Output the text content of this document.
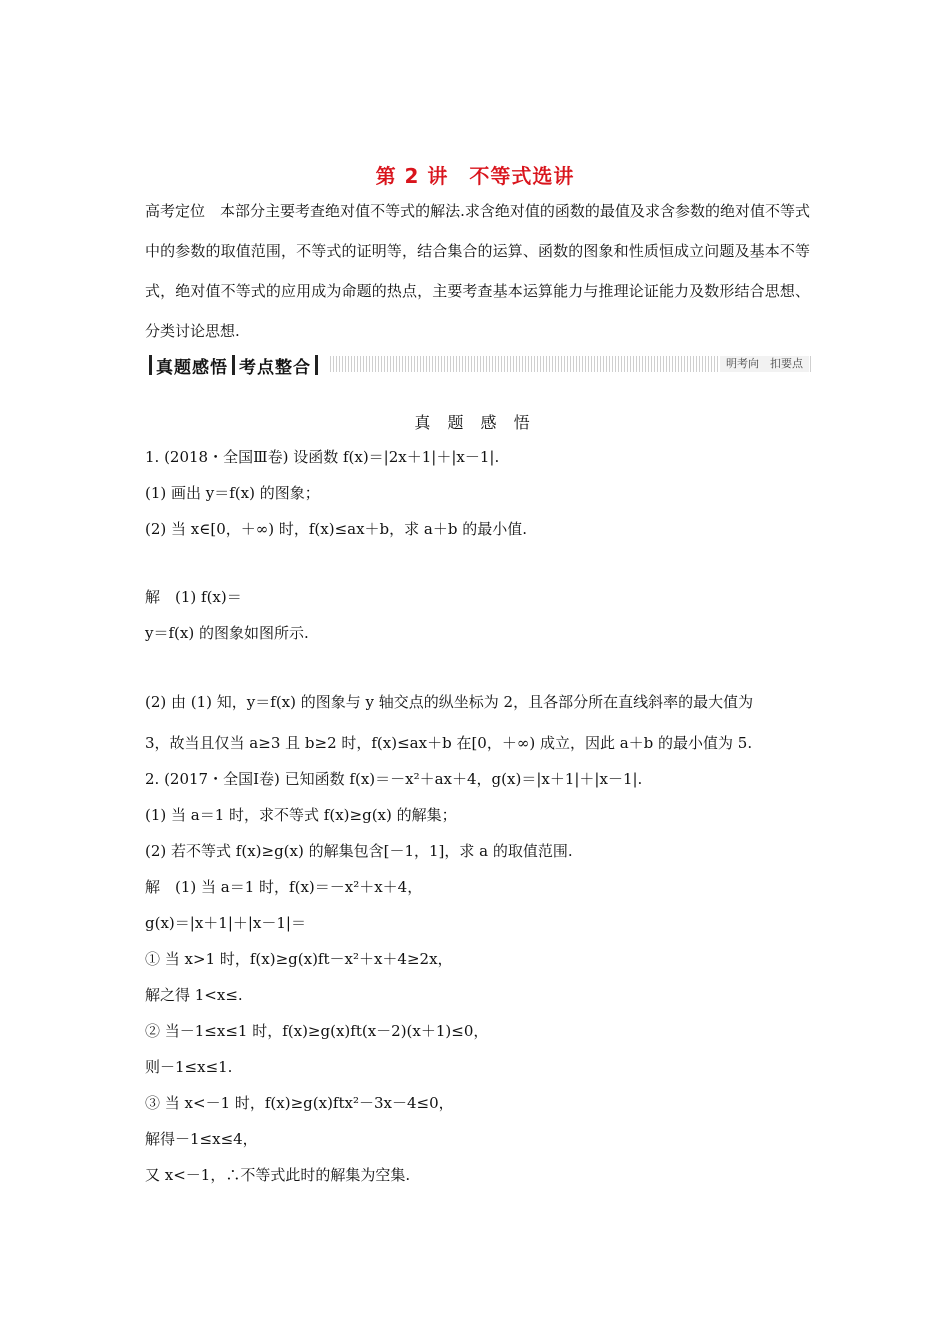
第 2 讲　不等式选讲
高考定位　本部分主要考查绝对值不等式的解法.求含绝对值的函数的最值及求含参数的绝对值不等式中的参数的取值范围，不等式的证明等，结合集合的运算、函数的图象和性质恒成立问题及基本不等式，绝对值不等式的应用成为命题的热点，主要考查基本运算能力与推理论证能力及数形结合思想、分类讨论思想.
真题感悟 考点整合	明考向　扣要点
真 题 感 悟
1. (2018・全国Ⅲ卷) 设函数 f(x)＝|2x＋1|＋|x－1|.
(1) 画出 y＝f(x) 的图象；
(2) 当 x∈[0，＋∞) 时，f(x)≤ax＋b，求 a＋b 的最小值.
解　(1) f(x)＝
y＝f(x) 的图象如图所示.
(2) 由 (1) 知，y＝f(x) 的图象与 y 轴交点的纵坐标为 2，且各部分所在直线斜率的最大值为
3，故当且仅当 a≥3 且 b≥2 时，f(x)≤ax＋b 在[0，＋∞) 成立，因此 a＋b 的最小值为 5.
2. (2017・全国Ⅰ卷) 已知函数 f(x)＝－x²＋ax＋4，g(x)＝|x＋1|＋|x－1|.
(1) 当 a＝1 时，求不等式 f(x)≥g(x) 的解集；
(2) 若不等式 f(x)≥g(x) 的解集包含[－1，1]，求 a 的取值范围.
解　(1) 当 a＝1 时，f(x)＝－x²＋x＋4，
g(x)＝|x＋1|＋|x－1|＝
① 当 x>1 时，f(x)≥g(x)ft－x²＋x＋4≥2x，
解之得 1<x≤.
② 当－1≤x≤1 时，f(x)≥g(x)ft(x－2)(x＋1)≤0，
则－1≤x≤1.
③ 当 x<－1 时，f(x)≥g(x)ftx²－3x－4≤0，
解得－1≤x≤4，
又 x<－1，∴不等式此时的解集为空集.
